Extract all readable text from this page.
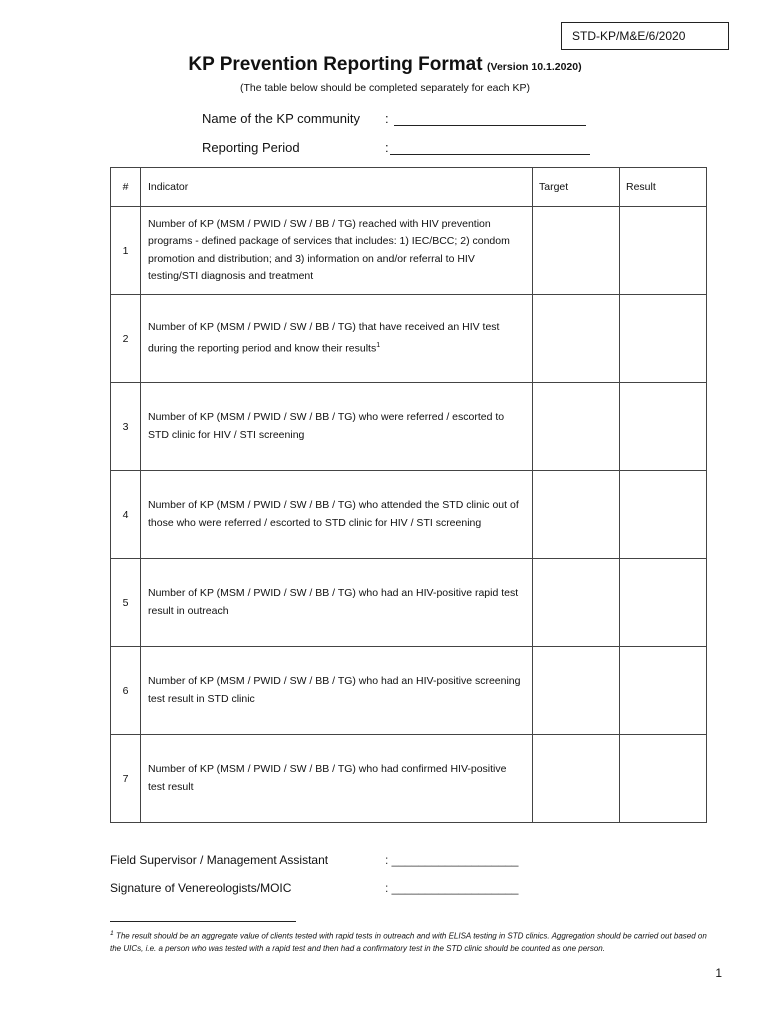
STD-KP/M&E/6/2020
KP Prevention Reporting Format (Version 10.1.2020)
(The table below should be completed separately for each KP)
Name of the KP community :
Reporting Period	:
#	Indicator	Target	Result
1	Number of KP (MSM / PWID / SW / BB / TG) reached with HIV prevention programs - defined package of services that includes: 1) IEC/BCC; 2) condom promotion and distribution; and 3) information on and/or referral to HIV testing/STI diagnosis and treatment		
2	Number of KP (MSM / PWID / SW / BB / TG) that have received an HIV test during the reporting period and know their results$^1$		
3	Number of KP (MSM / PWID / SW / BB / TG) who were referred / escorted to STD clinic for HIV / STI screening		
4	Number of KP (MSM / PWID / SW / BB / TG) who attended the STD clinic out of those who were referred / escorted to STD clinic for HIV / STI screening		
5	Number of KP (MSM / PWID / SW / BB / TG) who had an HIV-positive rapid test result in outreach		
6	Number of KP (MSM / PWID / SW / BB / TG) who had an HIV-positive screening test result in STD clinic		
7	Number of KP (MSM / PWID / SW / BB / TG) who had confirmed HIV-positive test result		
Field Supervisor / Management Assistant	: ___________________
Signature of Venereologists/MOIC	: ___________________
$^1$ The result should be an aggregate value of clients tested with rapid tests in outreach and with ELISA testing in STD clinics. Aggregation should be carried out based on the UICs, i.e. a person who was tested with a rapid test and then had a confirmatory test in the STD clinic should be counted as one person.
1
